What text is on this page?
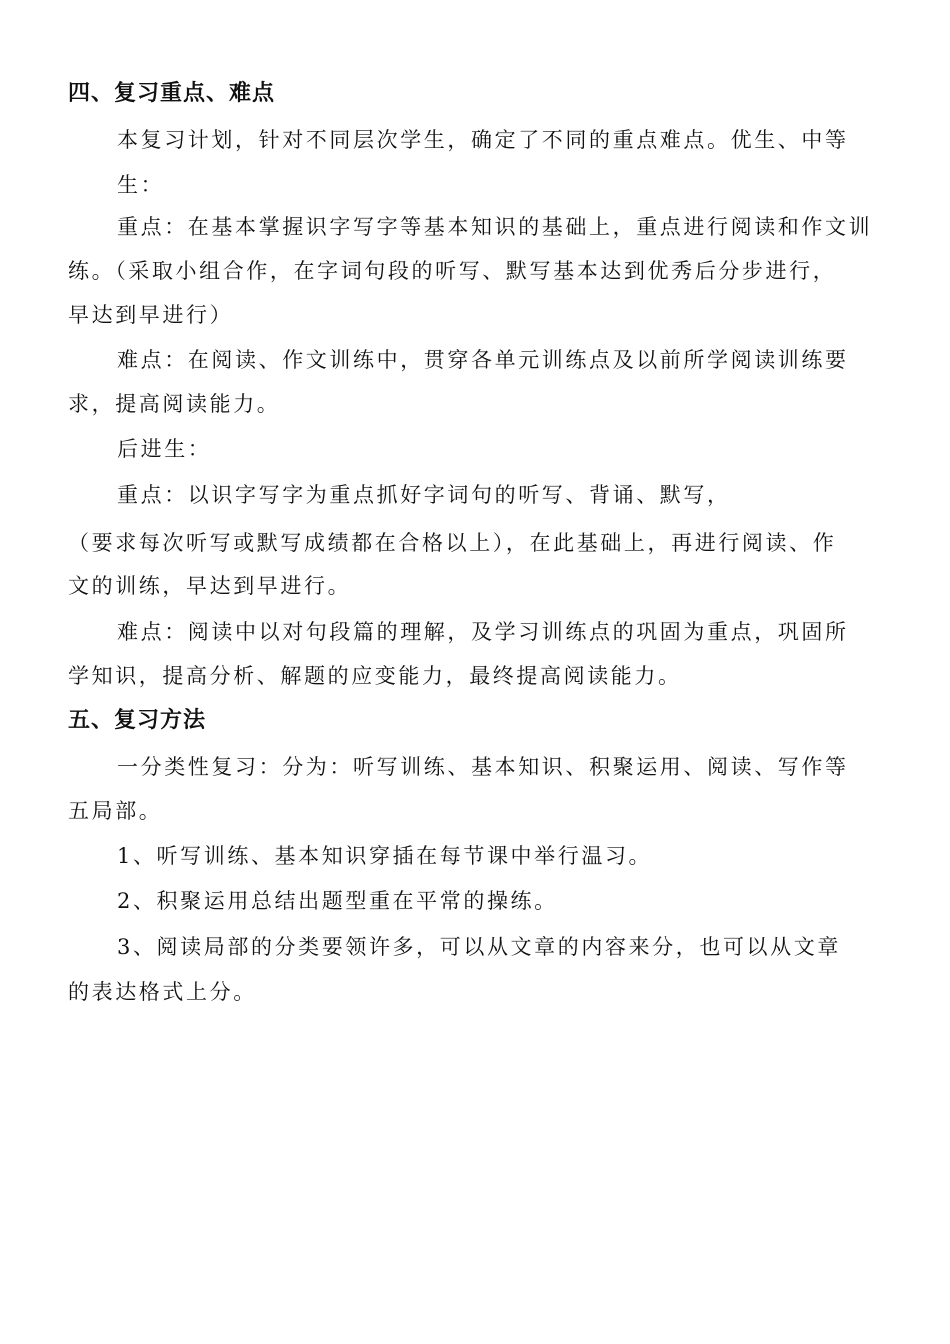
四、复习重点、难点
本复习计划，针对不同层次学生，确定了不同的重点难点。优生、中等
生：
重点：在基本掌握识字写字等基本知识的基础上，重点进行阅读和作文训
练。（采取小组合作，在字词句段的听写、默写基本达到优秀后分步进行，
早达到早进行）
难点：在阅读、作文训练中，贯穿各单元训练点及以前所学阅读训练要
求，提高阅读能力。
后进生：
重点：以识字写字为重点抓好字词句的听写、背诵、默写，
（要求每次听写或默写成绩都在合格以上），在此基础上，再进行阅读、作
文的训练，早达到早进行。
难点：阅读中以对句段篇的理解，及学习训练点的巩固为重点，巩固所
学知识，提高分析、解题的应变能力，最终提高阅读能力。
五、复习方法
一分类性复习：分为：听写训练、基本知识、积聚运用、阅读、写作等
五局部。
1、听写训练、基本知识穿插在每节课中举行温习。
2、积聚运用总结出题型重在平常的操练。
3、阅读局部的分类要领许多，可以从文章的内容来分，也可以从文章
的表达格式上分。
